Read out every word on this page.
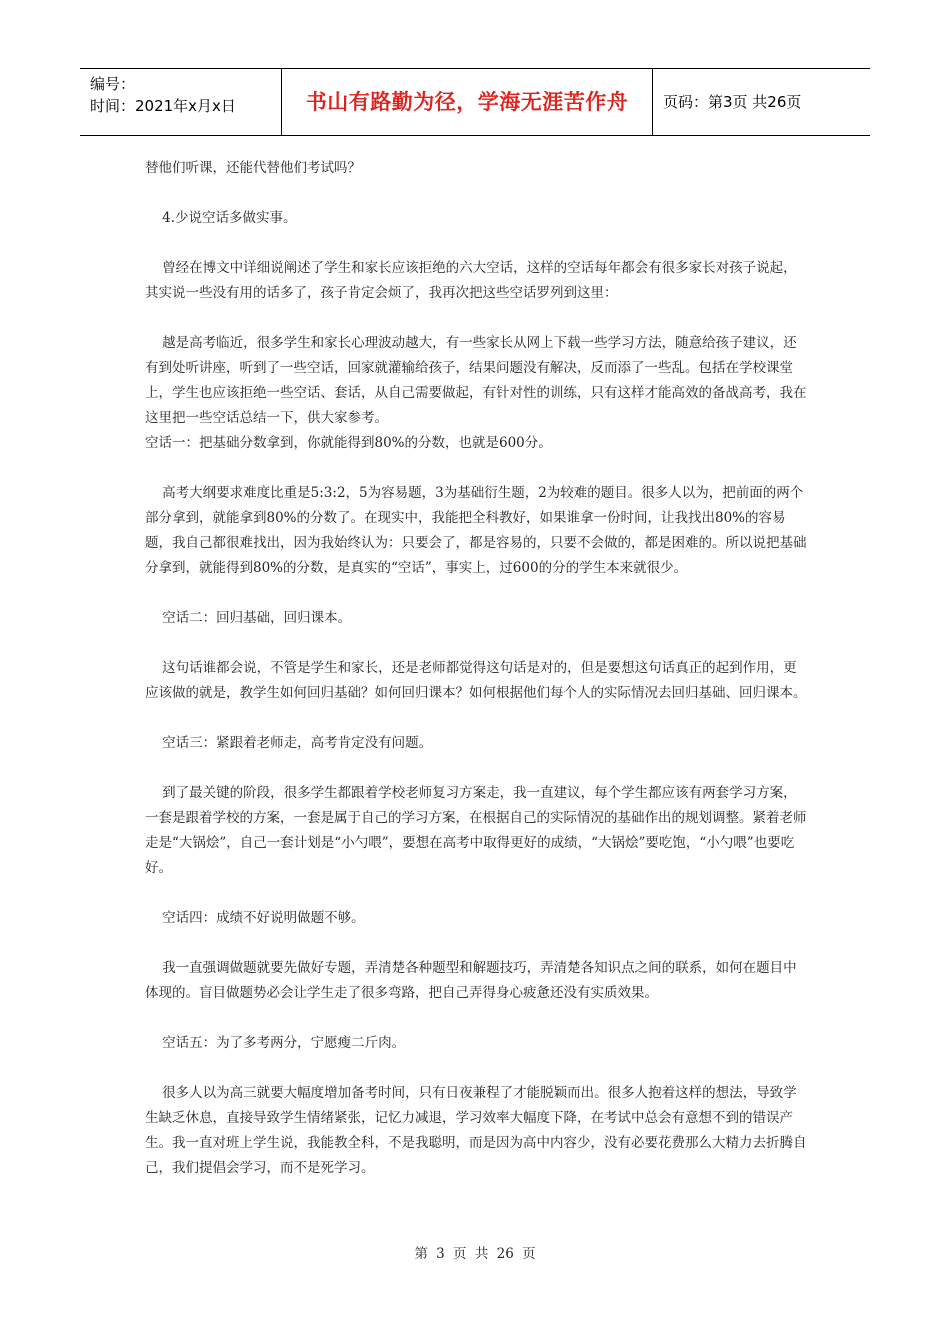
编号：
时间：2021年x月x日	书山有路勤为径，学海无涯苦作舟	页码：第3页 共26页

替他们听课，还能代替他们考试吗？

4.少说空话多做实事。

曾经在博文中详细说阐述了学生和家长应该拒绝的六大空话，这样的空话每年都会有很多家长对孩子说起，其实说一些没有用的话多了，孩子肯定会烦了，我再次把这些空话罗列到这里：

越是高考临近，很多学生和家长心理波动越大，有一些家长从网上下载一些学习方法，随意给孩子建议，还有到处听讲座，听到了一些空话，回家就灌输给孩子，结果问题没有解决，反而添了一些乱。包括在学校课堂上，学生也应该拒绝一些空话、套话，从自己需要做起，有针对性的训练，只有这样才能高效的备战高考，我在这里把一些空话总结一下，供大家参考。

空话一：把基础分数拿到，你就能得到80%的分数，也就是600分。

高考大纲要求难度比重是5:3:2，5为容易题，3为基础衍生题，2为较难的题目。很多人以为，把前面的两个部分拿到，就能拿到80%的分数了。在现实中，我能把全科教好，如果谁拿一份时间，让我找出80%的容易题，我自己都很难找出，因为我始终认为：只要会了，都是容易的，只要不会做的，都是困难的。所以说把基础分拿到，就能得到80%的分数，是真实的“空话”，事实上，过600的分的学生本来就很少。

空话二：回归基础，回归课本。

这句话谁都会说，不管是学生和家长，还是老师都觉得这句话是对的，但是要想这句话真正的起到作用，更应该做的就是，教学生如何回归基础？如何回归课本？如何根据他们每个人的实际情况去回归基础、回归课本。

空话三：紧跟着老师走，高考肯定没有问题。

到了最关键的阶段，很多学生都跟着学校老师复习方案走，我一直建议，每个学生都应该有两套学习方案，一套是跟着学校的方案，一套是属于自己的学习方案，在根据自己的实际情况的基础作出的规划调整。紧着老师走是“大锅烩”，自己一套计划是“小勺喂”，要想在高考中取得更好的成绩，“大锅烩”要吃饱，“小勺喂”也要吃好。

空话四：成绩不好说明做题不够。

我一直强调做题就要先做好专题，弄清楚各种题型和解题技巧，弄清楚各知识点之间的联系，如何在题目中体现的。盲目做题势必会让学生走了很多弯路，把自己弄得身心疲惫还没有实质效果。

空话五：为了多考两分，宁愿瘦二斤肉。

很多人以为高三就要大幅度增加备考时间，只有日夜兼程了才能脱颖而出。很多人抱着这样的想法，导致学生缺乏休息，直接导致学生情绪紧张，记忆力减退，学习效率大幅度下降，在考试中总会有意想不到的错误产生。我一直对班上学生说，我能教全科，不是我聪明，而是因为高中内容少，没有必要花费那么大精力去折腾自己，我们提倡会学习，而不是死学习。

第 3 页 共 26 页
